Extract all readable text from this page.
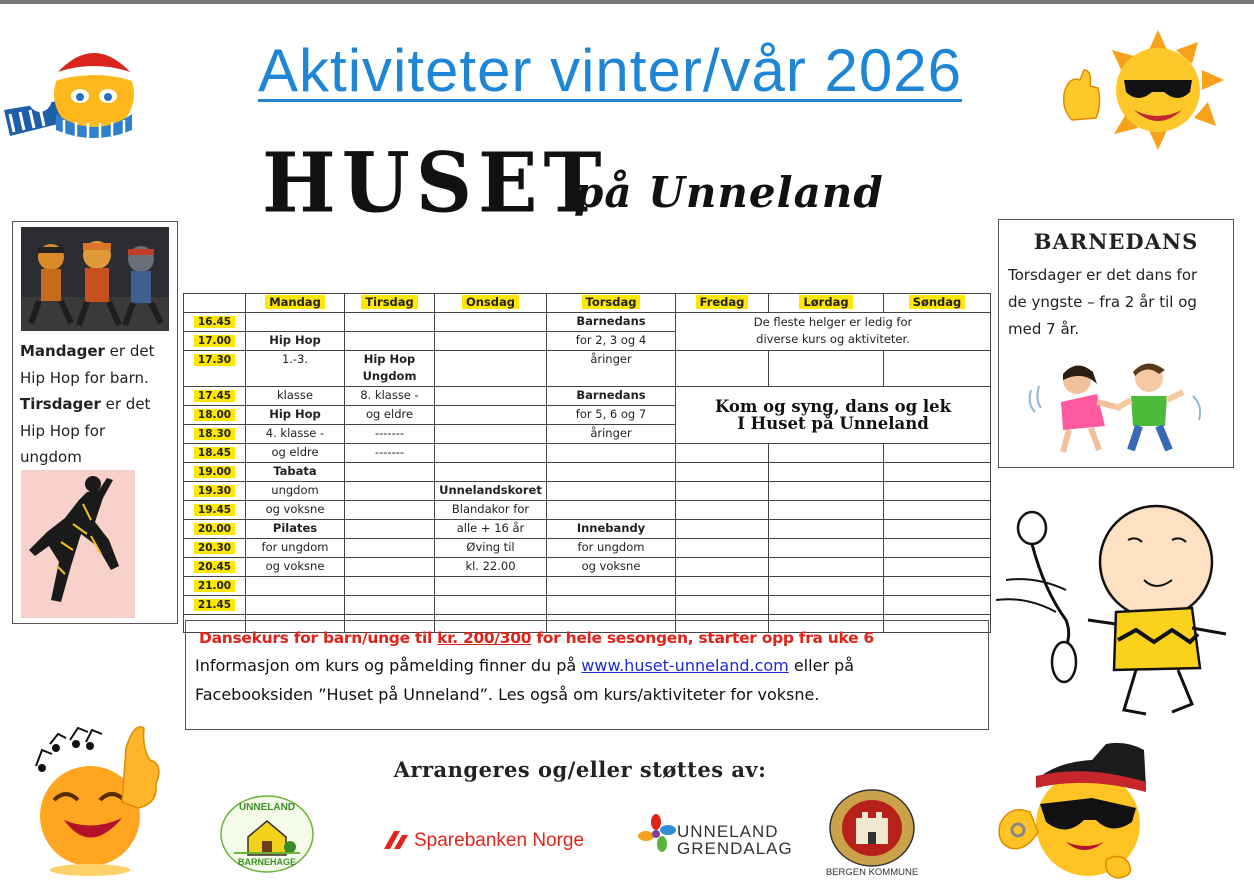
Aktiviteter vinter/vår 2026
HUSET
på Unneland
Mandager er det
Hip Hop for barn.
Tirsdager er det
Hip Hop for
ungdom
BARNEDANS
Torsdager er det dans for
de yngste – fra 2 år til og
med 7 år.
	Mandag	Tirsdag	Onsdag	Torsdag	Fredag	Lørdag	Søndag
16.45				Barnedans	De fleste helger er ledig for
diverse kurs og aktiviteter.		

17.00	Hip Hop			for 2, 3 og 4			
17.30	1.-3.	Hip Hop
Ungdom		åringer			
17.45	klasse	8. klasse -		Barnedans	Kom og syng, dans og lek
I Huset på Unneland		

18.00	Hip Hop	og eldre		for 5, 6 og 7			
18.30	4. klasse -	-------		åringer			
18.45	og eldre	-------					
19.00	Tabata						
19.30	ungdom		Unnelandskoret				
19.45	og voksne		Blandakor for				
20.00	Pilates		alle + 16 år	Innebandy			
20.30	for ungdom		Øving til	for ungdom			
20.45	og voksne		kl. 22.00	og voksne			
21.00							
21.45							

Dansekurs for barn/unge til kr. 200/300 for hele sesongen, starter opp fra uke 6
Informasjon om kurs og påmelding finner du på www.huset-unneland.com eller på
Facebooksiden ”Huset på Unneland”. Les også om kurs/aktiviteter for voksne.
Arrangeres og/eller støttes av:
UNNELAND
BARNEHAGE
Sparebanken Norge	UNNELAND
GRENDALAG
BERGEN KOMMUNE
